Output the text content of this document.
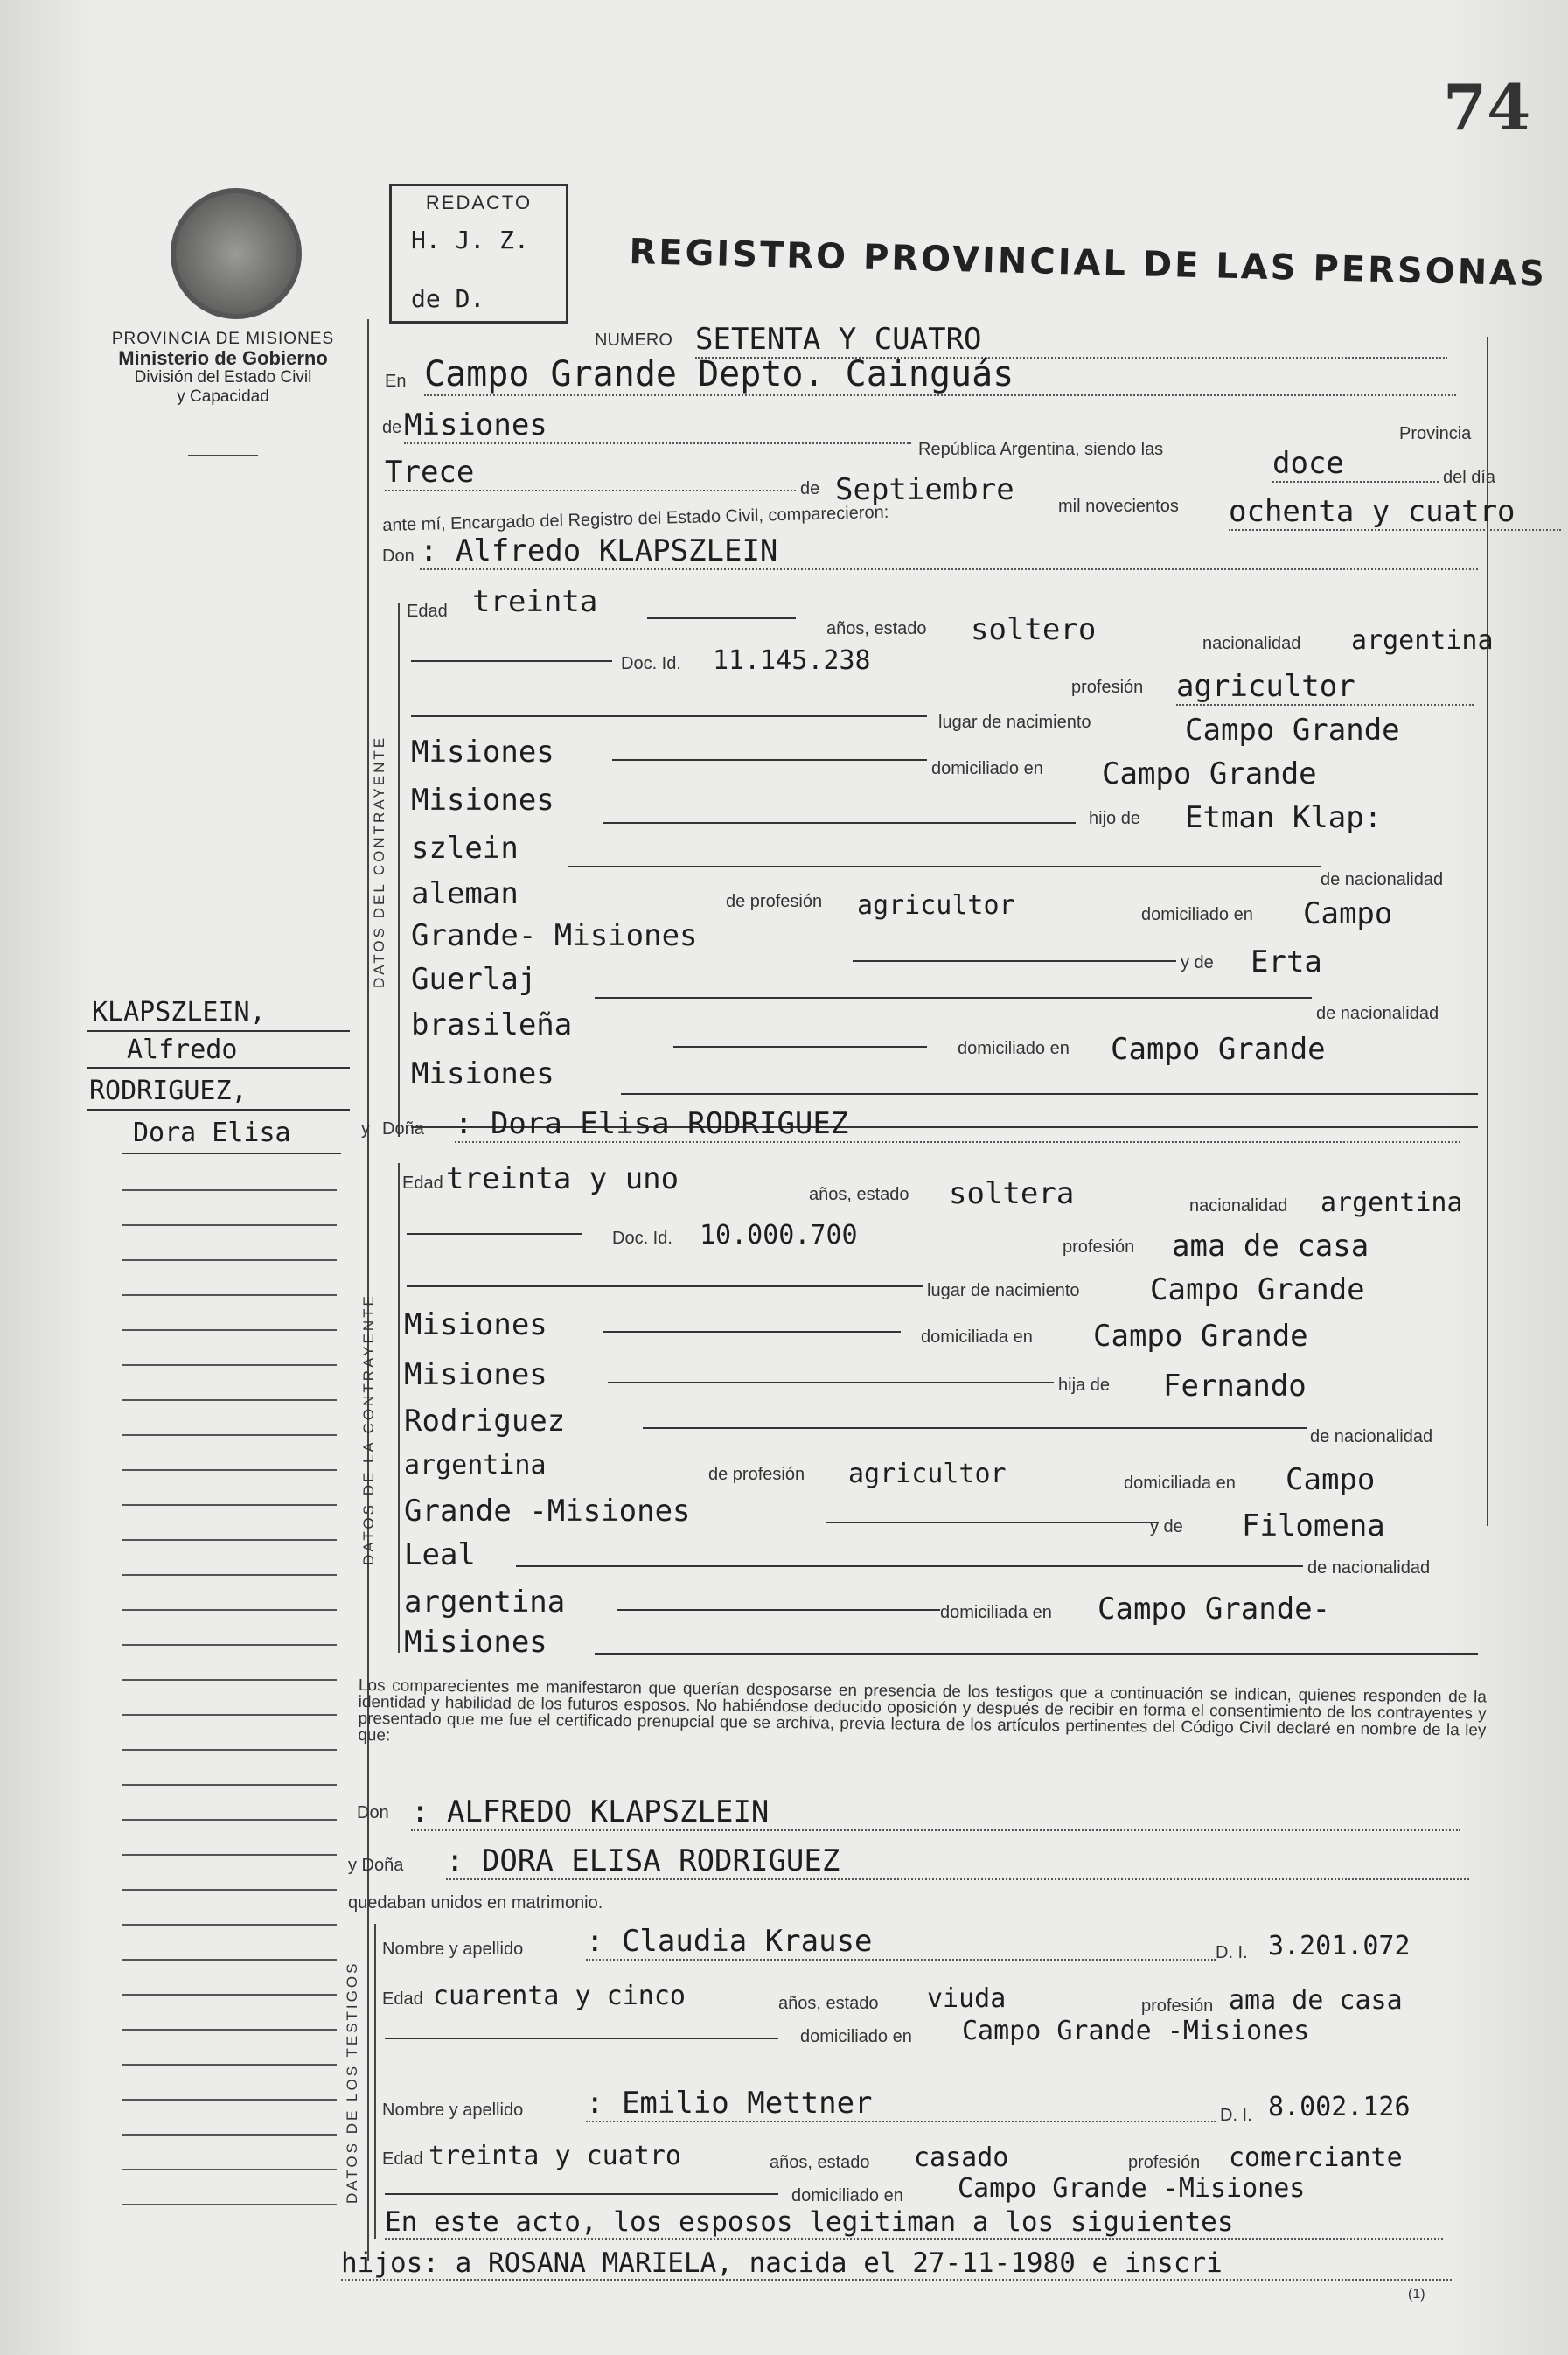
74
PROVINCIA DE MISIONES
Ministerio de Gobierno
División del Estado Civil
y Capacidad
REDACTO
H. J. Z.
de D.
REGISTRO PROVINCIAL DE LAS PERSONAS
NUMERO SETENTA Y CUATRO
En Campo Grande Depto. Cainguás
de Misiones
República Argentina, siendo las	doce
Provincia
del día
Trece	de Septiembre	mil novecientos ochenta y cuatro
ante mí, Encargado del Registro del Estado Civil, comparecieron:
Don : Alfredo KLAPSZLEIN
DATOS DEL CONTRAYENTE
Edad treinta
años, estado soltero	nacionalidad argentina
Doc. Id. 11.145.238
profesión agricultor
lugar de nacimiento	Campo Grande
Misiones	domiciliado en Campo Grande
Misiones
hijo de Etman Klap:
szlein
de nacionalidad
aleman	de profesión agricultor	domiciliado en Campo
Grande- Misiones
y de Erta
Guerlaj
de nacionalidad
brasileña
domiciliado en Campo Grande
Misiones
y Doña : Dora Elisa RODRIGUEZ
DATOS DE LA CONTRAYENTE
Edad treinta y uno	años, estado soltera	nacionalidad argentina
Doc. Id. 10.000.700	profesión ama de casa
lugar de nacimiento Campo Grande
Misiones	domiciliada en Campo Grande
Misiones	hija de Fernando
Rodriguez	de nacionalidad
argentina	de profesión agricultor	domiciliada en Campo
Grande -Misiones	y de Filomena
Leal	de nacionalidad
argentina	domiciliada en Campo Grande-
Misiones
Los comparecientes me manifestaron que querían desposarse en presencia de los testigos que a continuación se indican, quienes responden de la identidad y habilidad de los futuros esposos. No habiéndose deducido oposición y después de recibir en forma el consentimiento de los contrayentes y presentado que me fue el certificado prenupcial que se archiva, previa lectura de los artículos pertinentes del Código Civil declaré en nombre de la ley que:
Don : ALFREDO KLAPSZLEIN
y Doña : DORA ELISA RODRIGUEZ
quedaban unidos en matrimonio.
DATOS DE LOS TESTIGOS
Nombre y apellido : Claudia Krause	D. I. 3.201.072
Edad cuarenta y cinco	años, estado viuda	profesión ama de casa
domiciliado en Campo Grande -Misiones
Nombre y apellido : Emilio Mettner	D. I. 8.002.126
Edad treinta y cuatro	años, estado casado	profesión comerciante
domiciliado en Campo Grande -Misiones
En este acto, los esposos legitiman a los siguientes
hijos: a ROSANA MARIELA, nacida el 27-11-1980 e inscri
(1)
KLAPSZLEIN,
Alfredo
RODRIGUEZ,
Dora Elisa
